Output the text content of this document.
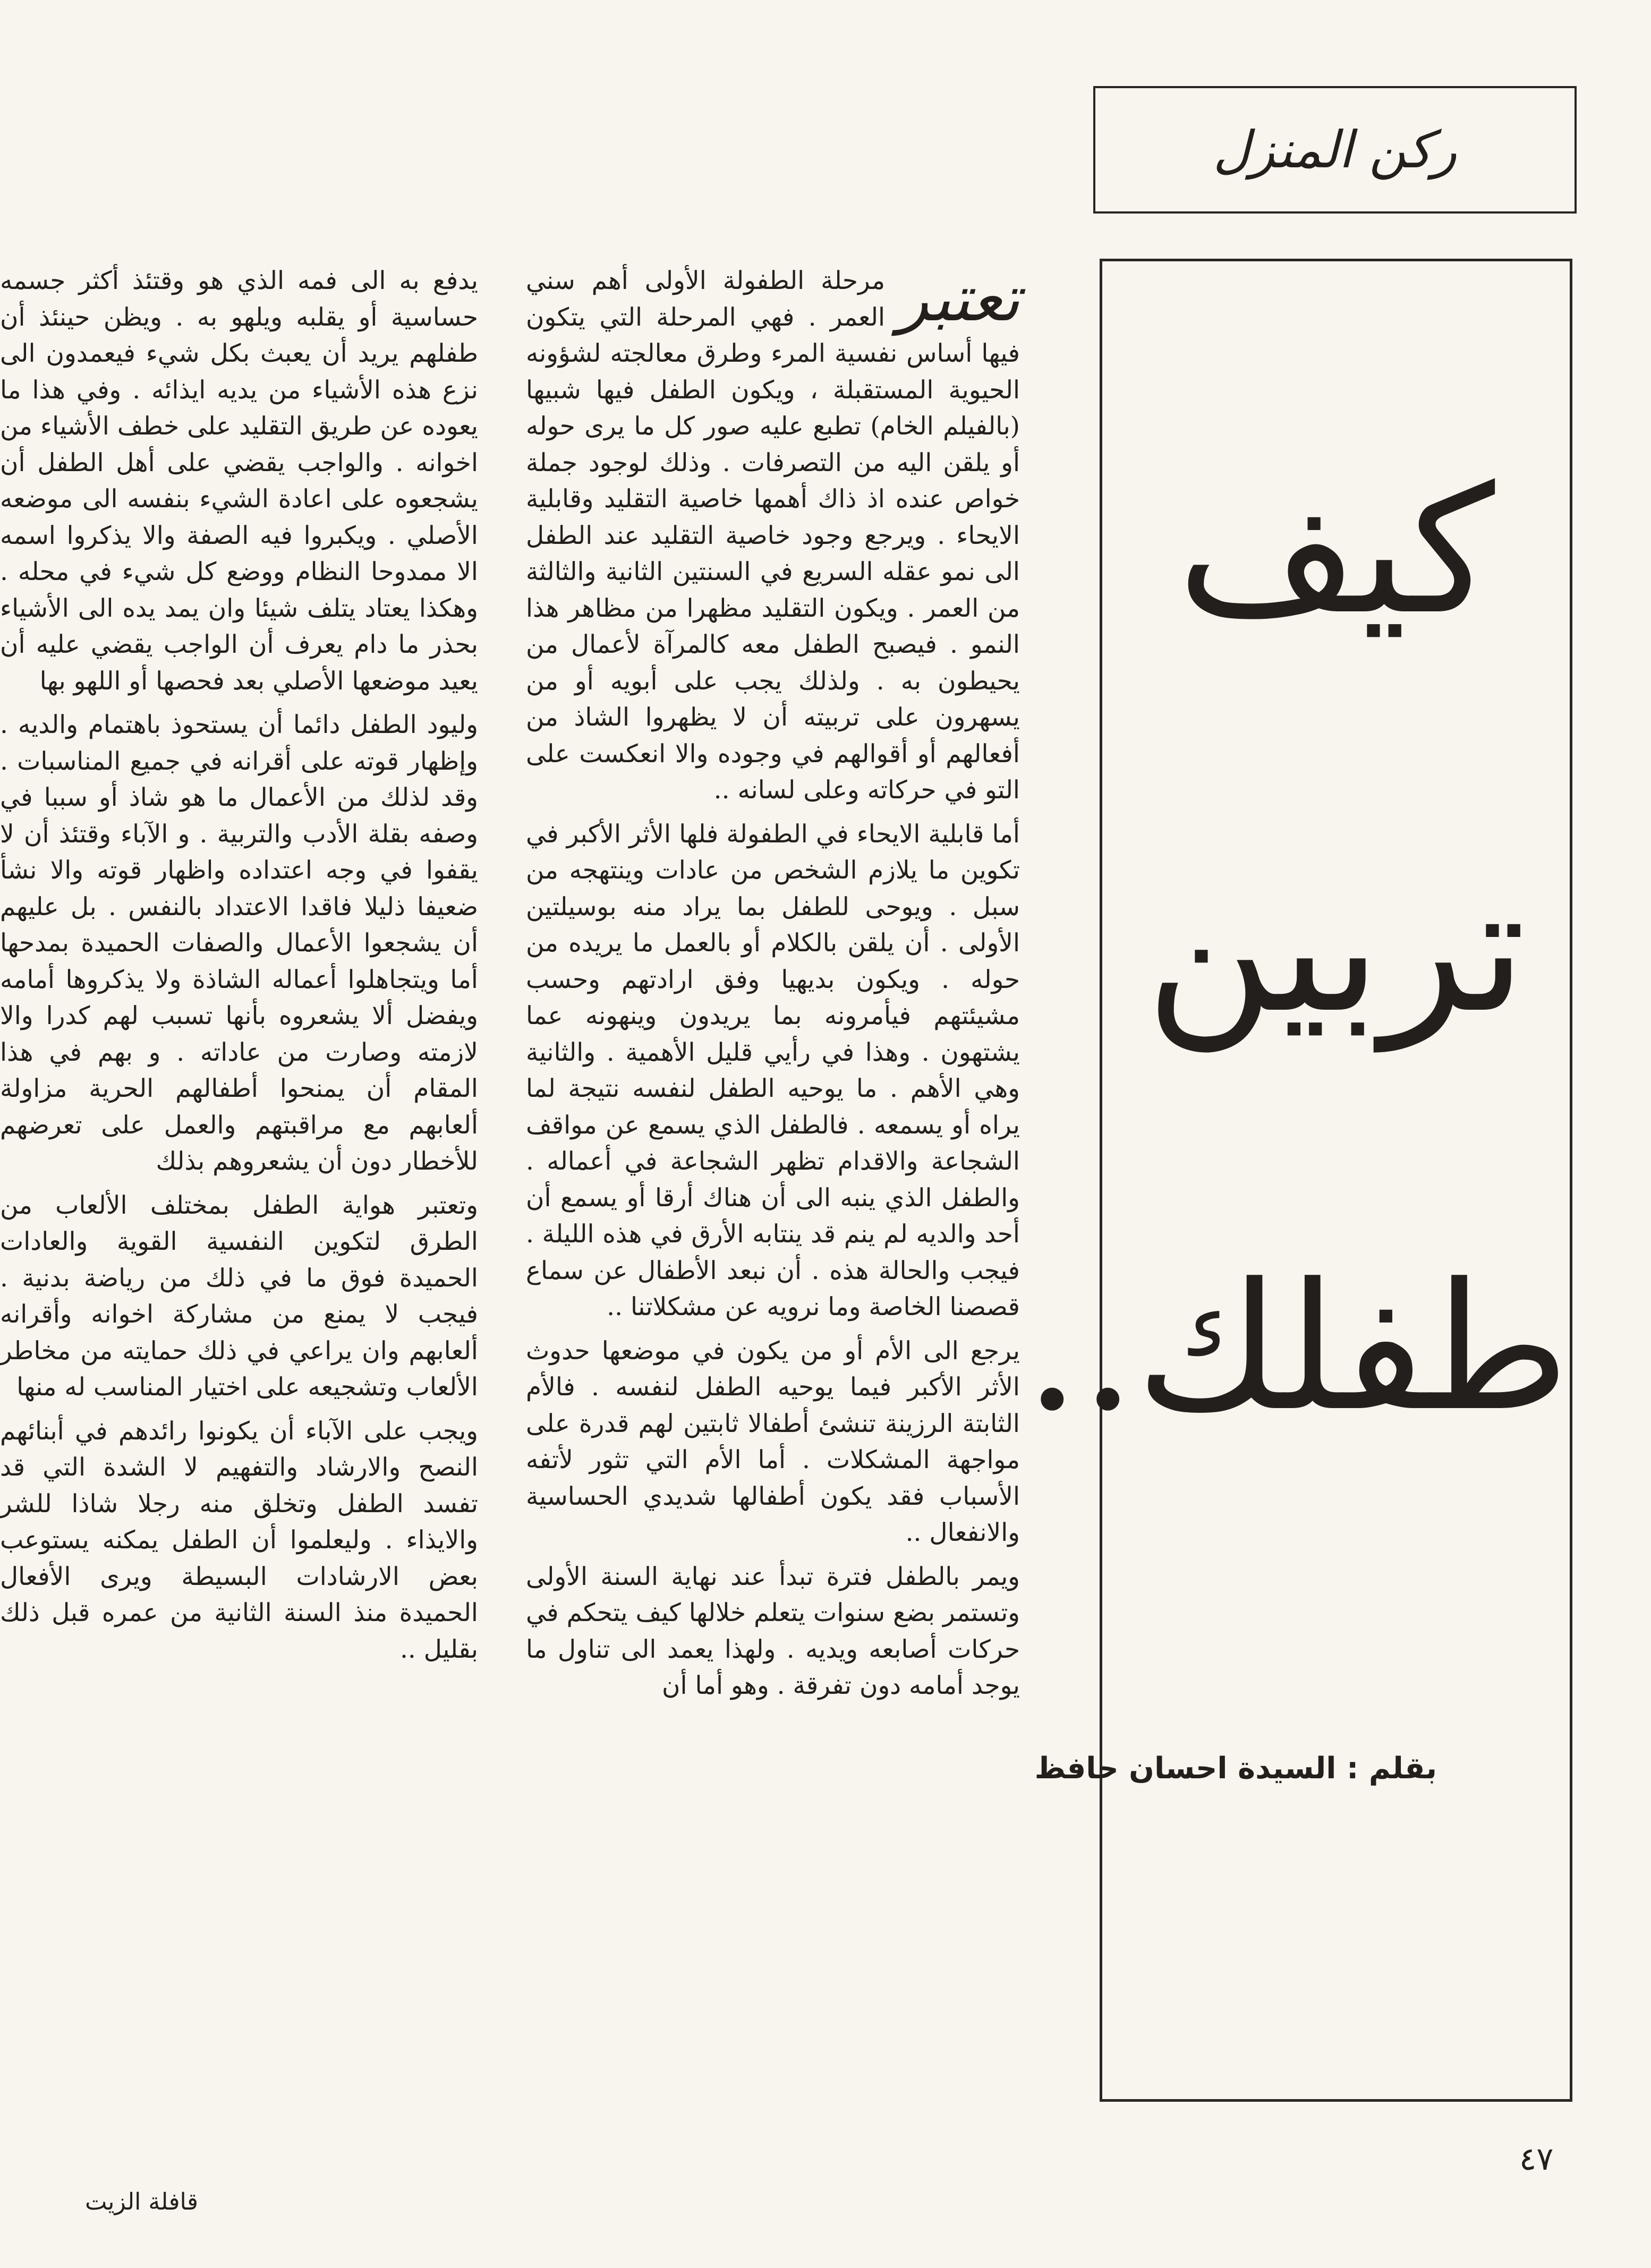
ركن المنزل
كيف
تربين
طفلك..
بقلم : السيدة احسان حافظ

تعتبر
مرحلة الطفولة الأولى أهم سني العمر . فهي المرحلة التي يتكون فيها أساس نفسية المرء وطرق معالجته لشؤونه الحيوية المستقبلة ، ويكون الطفل فيها شبيها (بالفيلم الخام) تطبع عليه صور كل ما يرى حوله أو يلقن اليه من التصرفات . وذلك لوجود جملة خواص عنده اذ ذاك أهمها خاصية التقليد وقابلية الايحاء . ويرجع وجود خاصية التقليد عند الطفل الى نمو عقله السريع في السنتين الثانية والثالثة من العمر . ويكون التقليد مظهرا من مظاهر هذا النمو . فيصبح الطفل معه كالمرآة لأعمال من يحيطون به . ولذلك يجب على أبويه أو من يسهرون على تربيته أن لا يظهروا الشاذ من أفعالهم أو أقوالهم في وجوده والا انعكست على التو في حركاته وعلى لسانه ..

أما قابلية الايحاء في الطفولة فلها الأثر الأكبر في تكوين ما يلازم الشخص من عادات وينتهجه من سبل . ويوحى للطفل بما يراد منه بوسيلتين الأولى . أن يلقن بالكلام أو بالعمل ما يريده من حوله . ويكون بديهيا وفق ارادتهم وحسب مشيئتهم فيأمرونه بما يريدون وينهونه عما يشتهون . وهذا في رأيي قليل الأهمية . والثانية وهي الأهم . ما يوحيه الطفل لنفسه نتيجة لما يراه أو يسمعه . فالطفل الذي يسمع عن مواقف الشجاعة والاقدام تظهر الشجاعة في أعماله . والطفل الذي ينبه الى أن هناك أرقا أو يسمع أن أحد والديه لم ينم قد ينتابه الأرق في هذه الليلة . فيجب والحالة هذه . أن نبعد الأطفال عن سماع قصصنا الخاصة وما نرويه عن مشكلاتنا ..

يرجع الى الأم أو من يكون في موضعها حدوث الأثر الأكبر فيما يوحيه الطفل لنفسه . فالأم الثابتة الرزينة تنشئ أطفالا ثابتين لهم قدرة على مواجهة المشكلات . أما الأم التي تثور لأتفه الأسباب فقد يكون أطفالها شديدي الحساسية والانفعال ..

ويمر بالطفل فترة تبدأ عند نهاية السنة الأولى وتستمر بضع سنوات يتعلم خلالها كيف يتحكم في حركات أصابعه ويديه . ولهذا يعمد الى تناول ما يوجد أمامه دون تفرقة . وهو أما أن

يدفع به الى فمه الذي هو وقتئذ أكثر جسمه حساسية أو يقلبه ويلهو به . ويظن حينئذ أن طفلهم يريد أن يعبث بكل شيء فيعمدون الى نزع هذه الأشياء من يديه ايذائه . وفي هذا ما يعوده عن طريق التقليد على خطف الأشياء من اخوانه . والواجب يقضي على أهل الطفل أن يشجعوه على اعادة الشيء بنفسه الى موضعه الأصلي . ويكبروا فيه الصفة والا يذكروا اسمه الا ممدوحا النظام ووضع كل شيء في محله . وهكذا يعتاد يتلف شيئا وان يمد يده الى الأشياء بحذر ما دام يعرف أن الواجب يقضي عليه أن يعيد موضعها الأصلي بعد فحصها أو اللهو بها

وليود الطفل دائما أن يستحوذ باهتمام والديه . وإظهار قوته على أقرانه في جميع المناسبات . وقد لذلك من الأعمال ما هو شاذ أو سببا في وصفه بقلة الأدب والتربية . و الآباء وقتئذ أن لا يقفوا في وجه اعتداده واظهار قوته والا نشأ ضعيفا ذليلا فاقدا الاعتداد بالنفس . بل عليهم أن يشجعوا الأعمال والصفات الحميدة بمدحها أما ويتجاهلوا أعماله الشاذة ولا يذكروها أمامه ويفضل ألا يشعروه بأنها تسبب لهم كدرا والا لازمته وصارت من عاداته . و بهم في هذا المقام أن يمنحوا أطفالهم الحرية مزاولة ألعابهم مع مراقبتهم والعمل على تعرضهم للأخطار دون أن يشعروهم بذلك

وتعتبر هواية الطفل بمختلف الألعاب من الطرق لتكوين النفسية القوية والعادات الحميدة فوق ما في ذلك من رياضة بدنية . فيجب لا يمنع من مشاركة اخوانه وأقرانه ألعابهم وان يراعي في ذلك حمايته من مخاطر الألعاب وتشجيعه على اختيار المناسب له منها

ويجب على الآباء أن يكونوا رائدهم في أبنائهم النصح والارشاد والتفهيم لا الشدة التي قد تفسد الطفل وتخلق منه رجلا شاذا للشر والايذاء . وليعلموا أن الطفل يمكنه يستوعب بعض الارشادات البسيطة ويرى الأفعال الحميدة منذ السنة الثانية من عمره قبل ذلك بقليل ..

٤٧
قافلة الزيت
